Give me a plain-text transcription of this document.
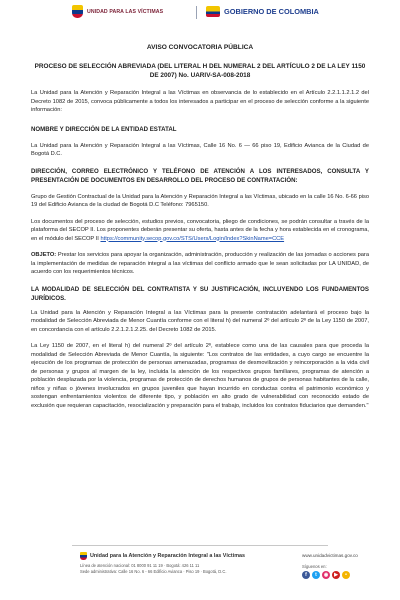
UNIDAD PARA LAS VÍCTIMAS	GOBIERNO DE COLOMBIA

AVISO CONVOCATORIA PÚBLICA

PROCESO DE SELECCIÓN ABREVIADA (DEL LITERAL H DEL NUMERAL 2 DEL ARTÍCULO 2 DE LA LEY 1150 DE 2007) No. UARIV-SA-008-2018

La Unidad para la Atención y Reparación Integral a las Víctimas en observancia de lo establecido en el Artículo 2.2.1.1.2.1.2 del Decreto 1082 de 2015, convoca públicamente a todos los interesados a participar en el proceso de selección conforme a la siguiente información:

NOMBRE Y DIRECCIÓN DE LA ENTIDAD ESTATAL

La Unidad para la Atención y Reparación Integral a las Víctimas, Calle 16 No. 6 — 66 piso 19, Edificio Avianca de la Ciudad de Bogotá D.C.

DIRECCIÓN, CORREO ELECTRÓNICO Y TELÉFONO DE ATENCIÓN A LOS INTERESADOS, CONSULTA Y PRESENTACIÓN DE DOCUMENTOS EN DESARROLLO DEL PROCESO DE CONTRATACIÓN:

Grupo de Gestión Contractual de la Unidad para la Atención y Reparación Integral a las Víctimas, ubicado en la calle 16 No. 6-66 piso 19 del Edificio Avianca de la ciudad de Bogotá D.C Teléfono: 7965150.

Los documentos del proceso de selección, estudios previos, convocatoria, pliego de condiciones, se podrán consultar a través de la plataforma del SECOP II. Los proponentes deberán presentar su oferta, hasta antes de la fecha y hora establecida en el cronograma, en el módulo del SECOP II https://community.secop.gov.co/STS/Users/Login/Index?SkinName=CCE

OBJETO: Prestar los servicios para apoyar la organización, administración, producción y realización de las jornadas o acciones para la implementación de medidas de reparación integral a las víctimas del conflicto armado que le sean solicitadas por LA UNIDAD, de acuerdo con los requerimientos técnicos.

LA MODALIDAD DE SELECCIÓN DEL CONTRATISTA Y SU JUSTIFICACIÓN, INCLUYENDO LOS FUNDAMENTOS JURÍDICOS.

La Unidad para la Atención y Reparación Integral a las Víctimas para la presente contratación adelantará el proceso bajo la modalidad de Selección Abreviada de Menor Cuantía conforme con el literal h) del numeral 2º del artículo 2º de la Ley 1150 de 2007, en concordancia con el artículo 2.2.1.2.1.2.25. del Decreto 1082 de 2015.

La Ley 1150 de 2007, en el literal h) del numeral 2º del artículo 2º, establece como una de las causales para que proceda la modalidad de Selección Abreviada de Menor Cuantía, la siguiente: "Los contratos de las entidades, a cuyo cargo se encuentre la ejecución de los programas de protección de personas amenazadas, programas de desmovilización y reincorporación a la vida civil de personas y grupos al margen de la ley, incluida la atención de los respectivos grupos familiares, programas de atención a población desplazada por la violencia, programas de protección de derechos humanos de grupos de personas habitantes de la calle, niños y niñas o jóvenes involucrados en grupos juveniles que hayan incurrido en conductas contra el patrimonio económico y sostengan enfrentamientos violentos de diferente tipo, y población en alto grado de vulnerabilidad con reconocido estado de exclusión que requieran capacitación, resocialización y preparación para el trabajo, incluidos los contratos fiduciarios que demanden."

Unidad para la Atención y Reparación Integral a las Víctimas
Línea de atención nacional: 01 8000 91 11 19 · Bogotá: 426 11 11
Sede administrativa: Calle 16 No. 6 - 66 Edificio Avianca · Piso 19 · Bogotá, D.C.
www.unidadvictimas.gov.co
Síguenos en:
f	t	◉	▶	•
